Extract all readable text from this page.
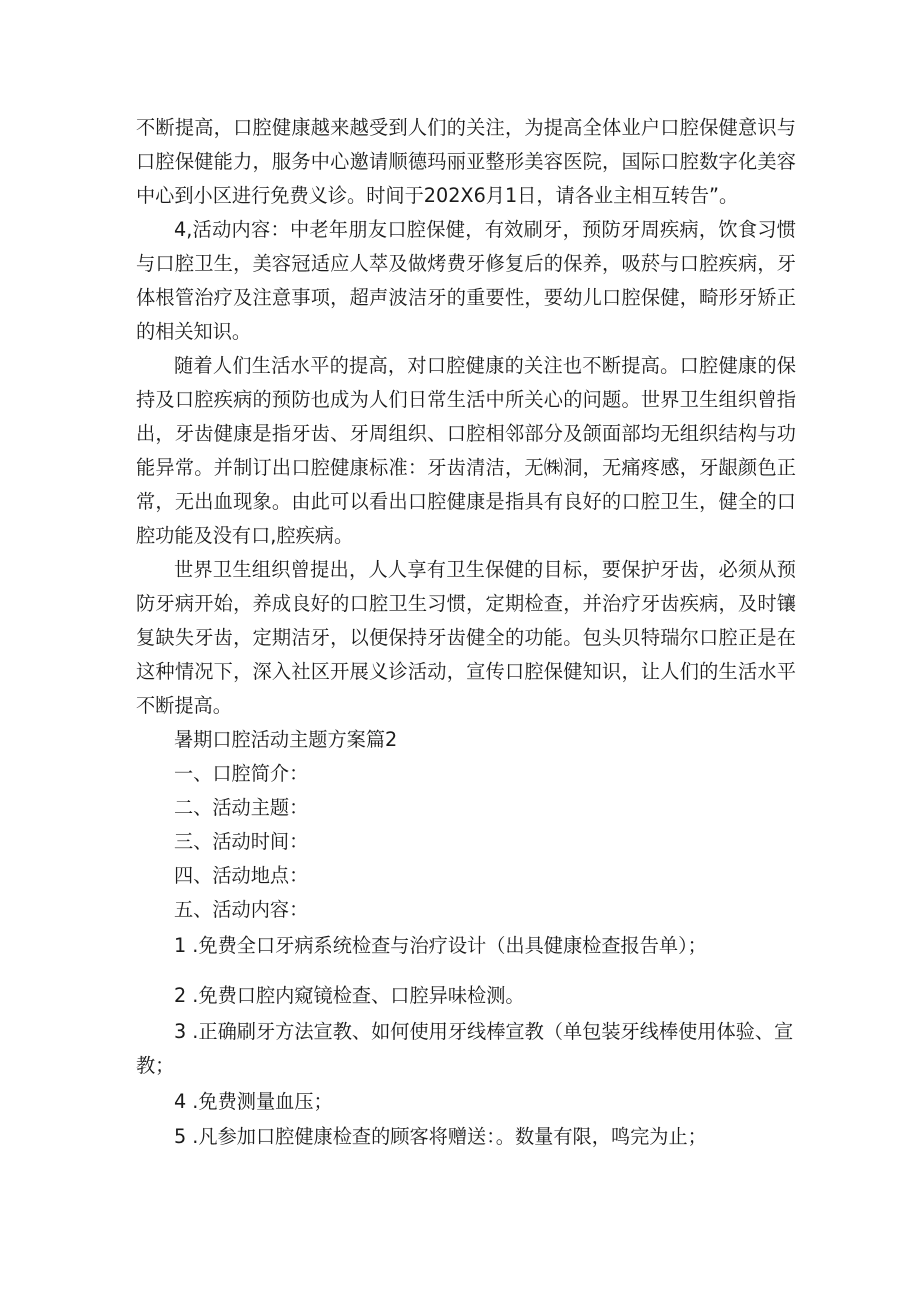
不断提高，口腔健康越来越受到人们的关注，为提高全体业户口腔保健意识与口腔保健能力，服务中心邀请顺德玛丽亚整形美容医院，国际口腔数字化美容中心到小区进行免费义诊。时间于202X6月1日，请各业主相互转告”。

4,活动内容：中老年朋友口腔保健，有效刷牙，预防牙周疾病，饮食习惯与口腔卫生，美容冠适应人萃及做烤费牙修复后的保养，吸菸与口腔疾病，牙体根管治疗及注意事项，超声波洁牙的重要性，要幼儿口腔保健，畸形牙矫正的相关知识。

随着人们生活水平的提高，对口腔健康的关注也不断提高。口腔健康的保持及口腔疾病的预防也成为人们日常生活中所关心的问题。世界卫生组织曾指出，牙齿健康是指牙齿、牙周组织、口腔相邻部分及颌面部均无组织结构与功能异常。并制订出口腔健康标准：牙齿清洁，无㈱洞，无痛疼感，牙龈颜色正常，无出血现象。由此可以看出口腔健康是指具有良好的口腔卫生，健全的口腔功能及没有口,腔疾病。

世界卫生组织曾提出，人人享有卫生保健的目标，要保护牙齿，必须从预防牙病开始，养成良好的口腔卫生习惯，定期检查，并治疗牙齿疾病，及时镶复缺失牙齿，定期洁牙，以便保持牙齿健全的功能。包头贝特瑞尔口腔正是在这种情况下，深入社区开展义诊活动，宣传口腔保健知识，让人们的生活水平不断提高。

暑期口腔活动主题方案篇2

一、口腔简介：

二、活动主题：

三、活动时间：

四、活动地点：

五、活动内容：

1 .免费全口牙病系统检查与治疗设计（出具健康检查报告单）；

2 .免费口腔内窥镜检查、口腔异味检测。

3 .正确刷牙方法宣教、如何使用牙线棒宣教（单包装牙线棒使用体验、宣教；

4 .免费测量血压；

5 .凡参加口腔健康检查的顾客将赠送：。数量有限，鸣完为止；
